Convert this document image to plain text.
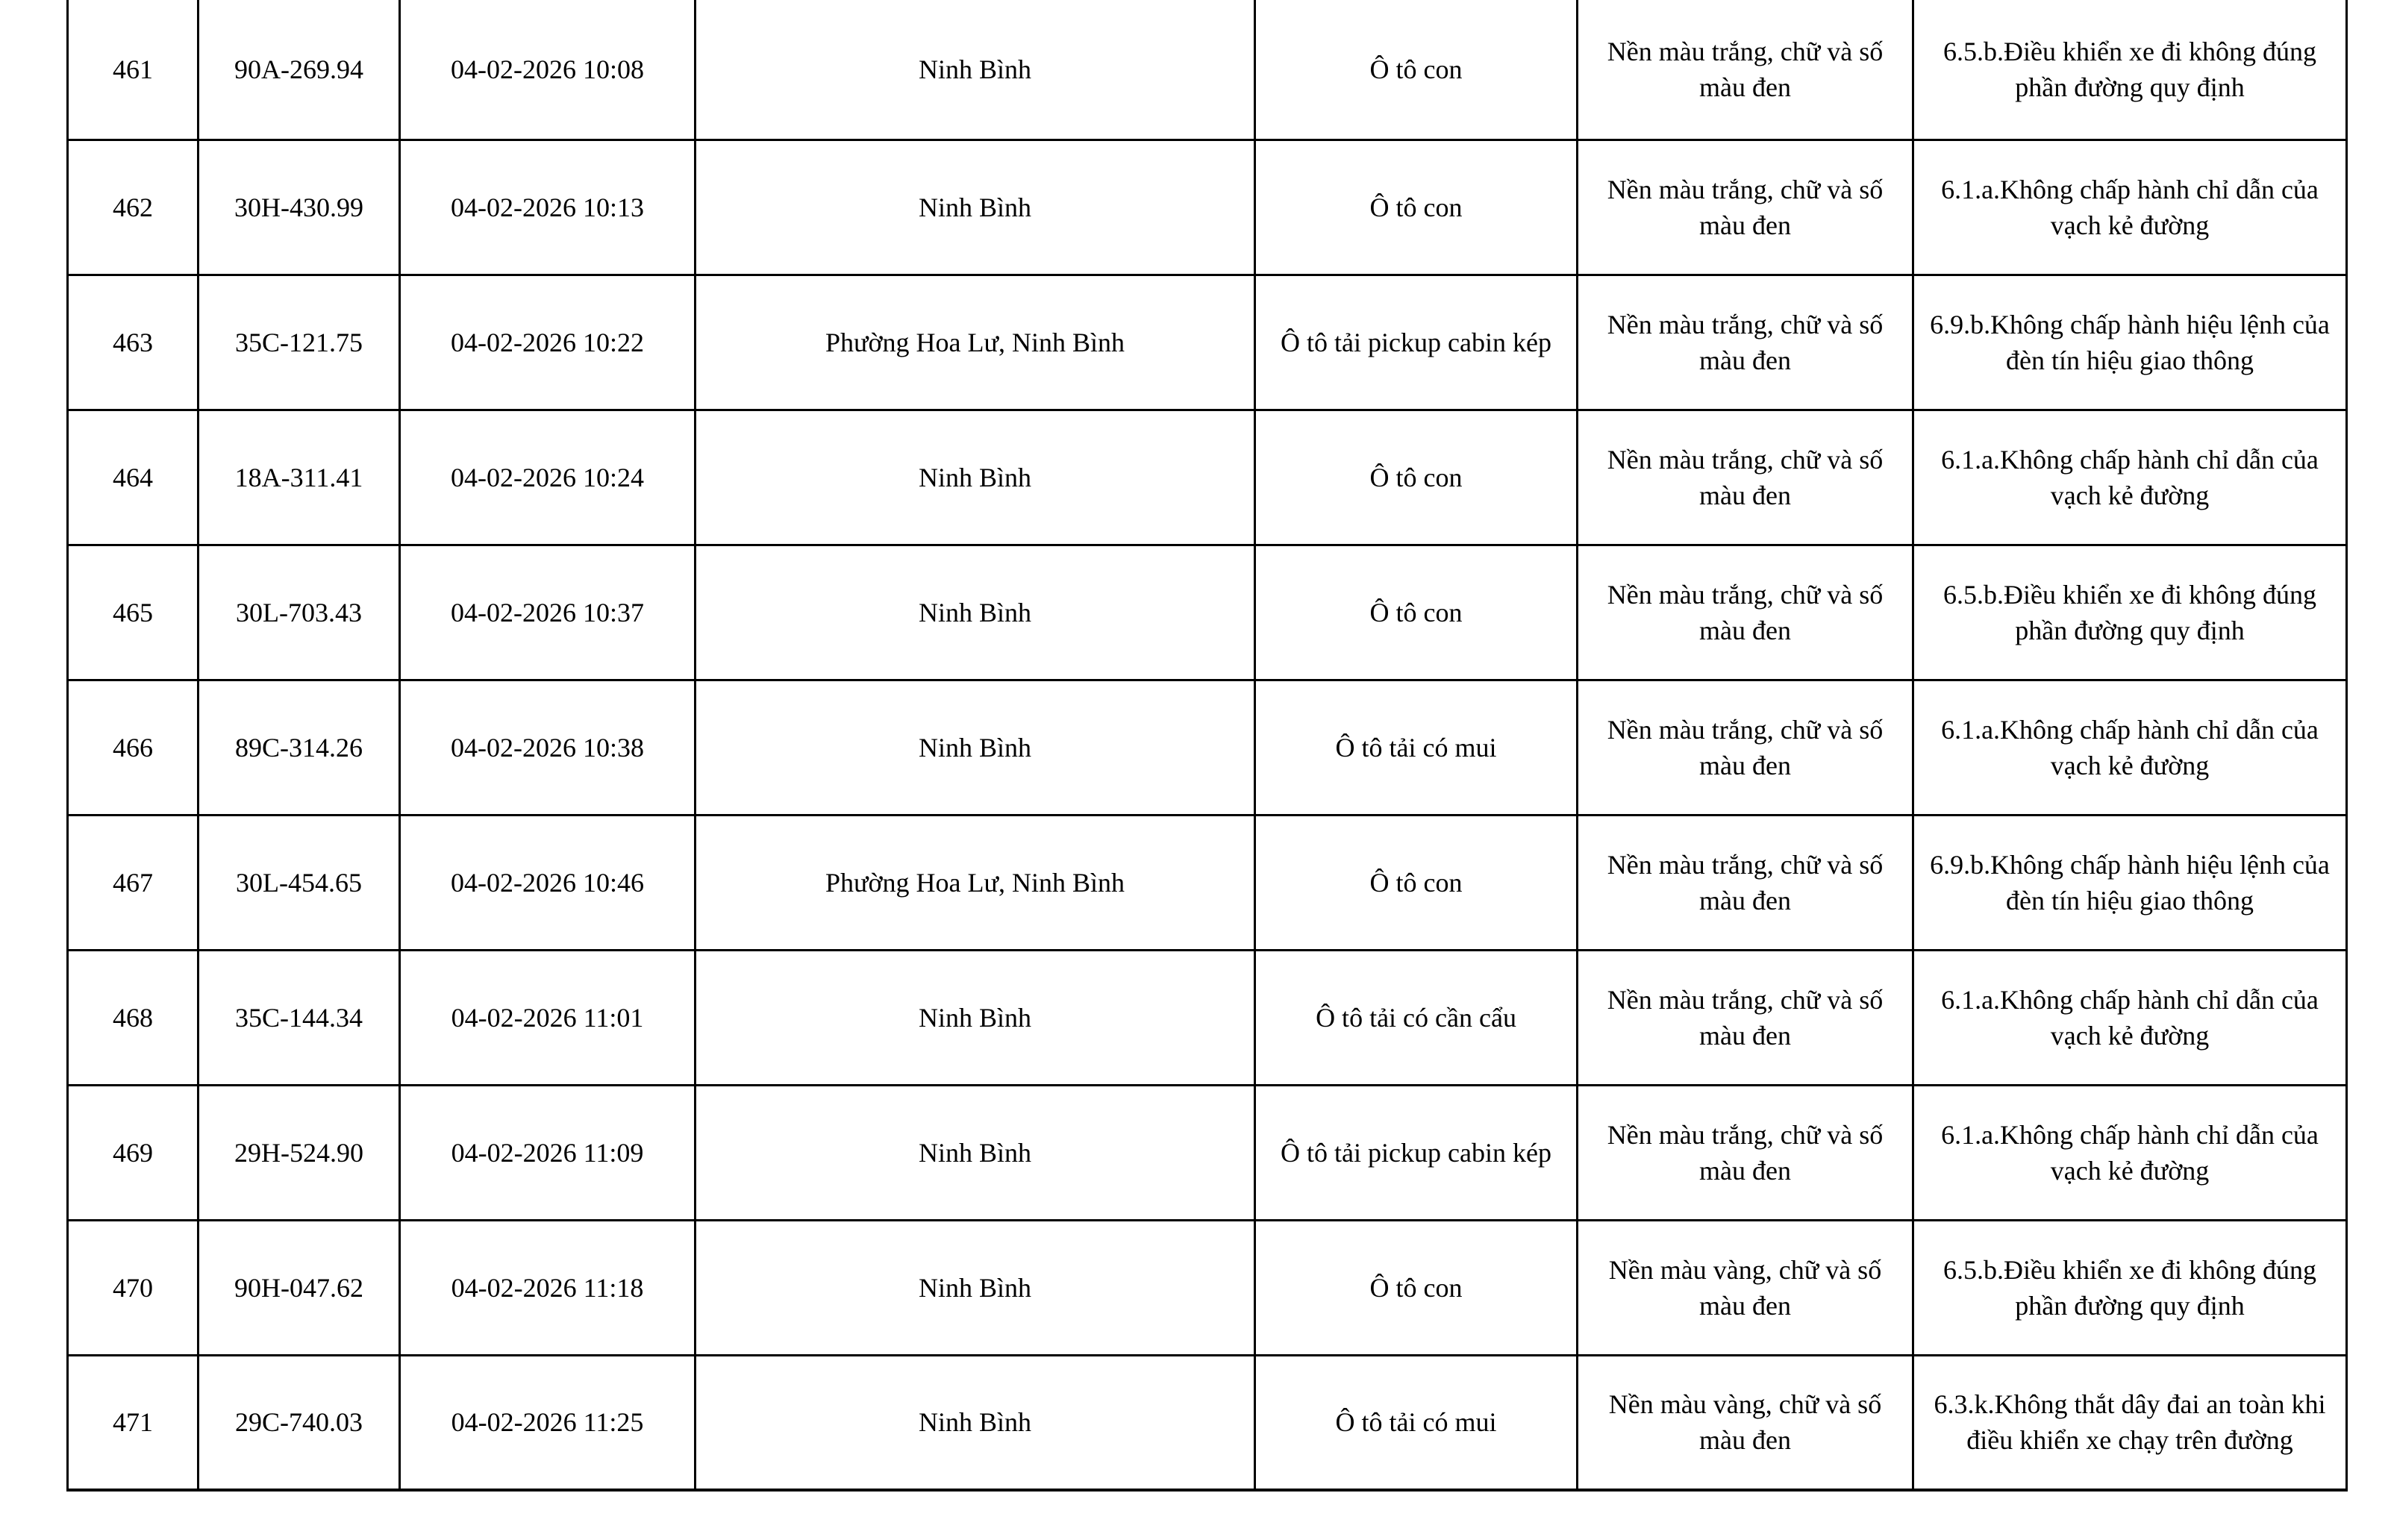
461	90A-269.94	04-02-2026 10:08	Ninh Bình	Ô tô con	Nền màu trắng, chữ và số màu đen	6.5.b.Điều khiển xe đi không đúng phần đường quy định
462	30H-430.99	04-02-2026 10:13	Ninh Bình	Ô tô con	Nền màu trắng, chữ và số màu đen	6.1.a.Không chấp hành chỉ dẫn của vạch kẻ đường
463	35C-121.75	04-02-2026 10:22	Phường Hoa Lư, Ninh Bình	Ô tô tải pickup cabin kép	Nền màu trắng, chữ và số màu đen	6.9.b.Không chấp hành hiệu lệnh của đèn tín hiệu giao thông
464	18A-311.41	04-02-2026 10:24	Ninh Bình	Ô tô con	Nền màu trắng, chữ và số màu đen	6.1.a.Không chấp hành chỉ dẫn của vạch kẻ đường
465	30L-703.43	04-02-2026 10:37	Ninh Bình	Ô tô con	Nền màu trắng, chữ và số màu đen	6.5.b.Điều khiển xe đi không đúng phần đường quy định
466	89C-314.26	04-02-2026 10:38	Ninh Bình	Ô tô tải có mui	Nền màu trắng, chữ và số màu đen	6.1.a.Không chấp hành chỉ dẫn của vạch kẻ đường
467	30L-454.65	04-02-2026 10:46	Phường Hoa Lư, Ninh Bình	Ô tô con	Nền màu trắng, chữ và số màu đen	6.9.b.Không chấp hành hiệu lệnh của đèn tín hiệu giao thông
468	35C-144.34	04-02-2026 11:01	Ninh Bình	Ô tô tải có cần cẩu	Nền màu trắng, chữ và số màu đen	6.1.a.Không chấp hành chỉ dẫn của vạch kẻ đường
469	29H-524.90	04-02-2026 11:09	Ninh Bình	Ô tô tải pickup cabin kép	Nền màu trắng, chữ và số màu đen	6.1.a.Không chấp hành chỉ dẫn của vạch kẻ đường
470	90H-047.62	04-02-2026 11:18	Ninh Bình	Ô tô con	Nền màu vàng, chữ và số màu đen	6.5.b.Điều khiển xe đi không đúng phần đường quy định
471	29C-740.03	04-02-2026 11:25	Ninh Bình	Ô tô tải có mui	Nền màu vàng, chữ và số màu đen	6.3.k.Không thắt dây đai an toàn khi điều khiển xe chạy trên đường
